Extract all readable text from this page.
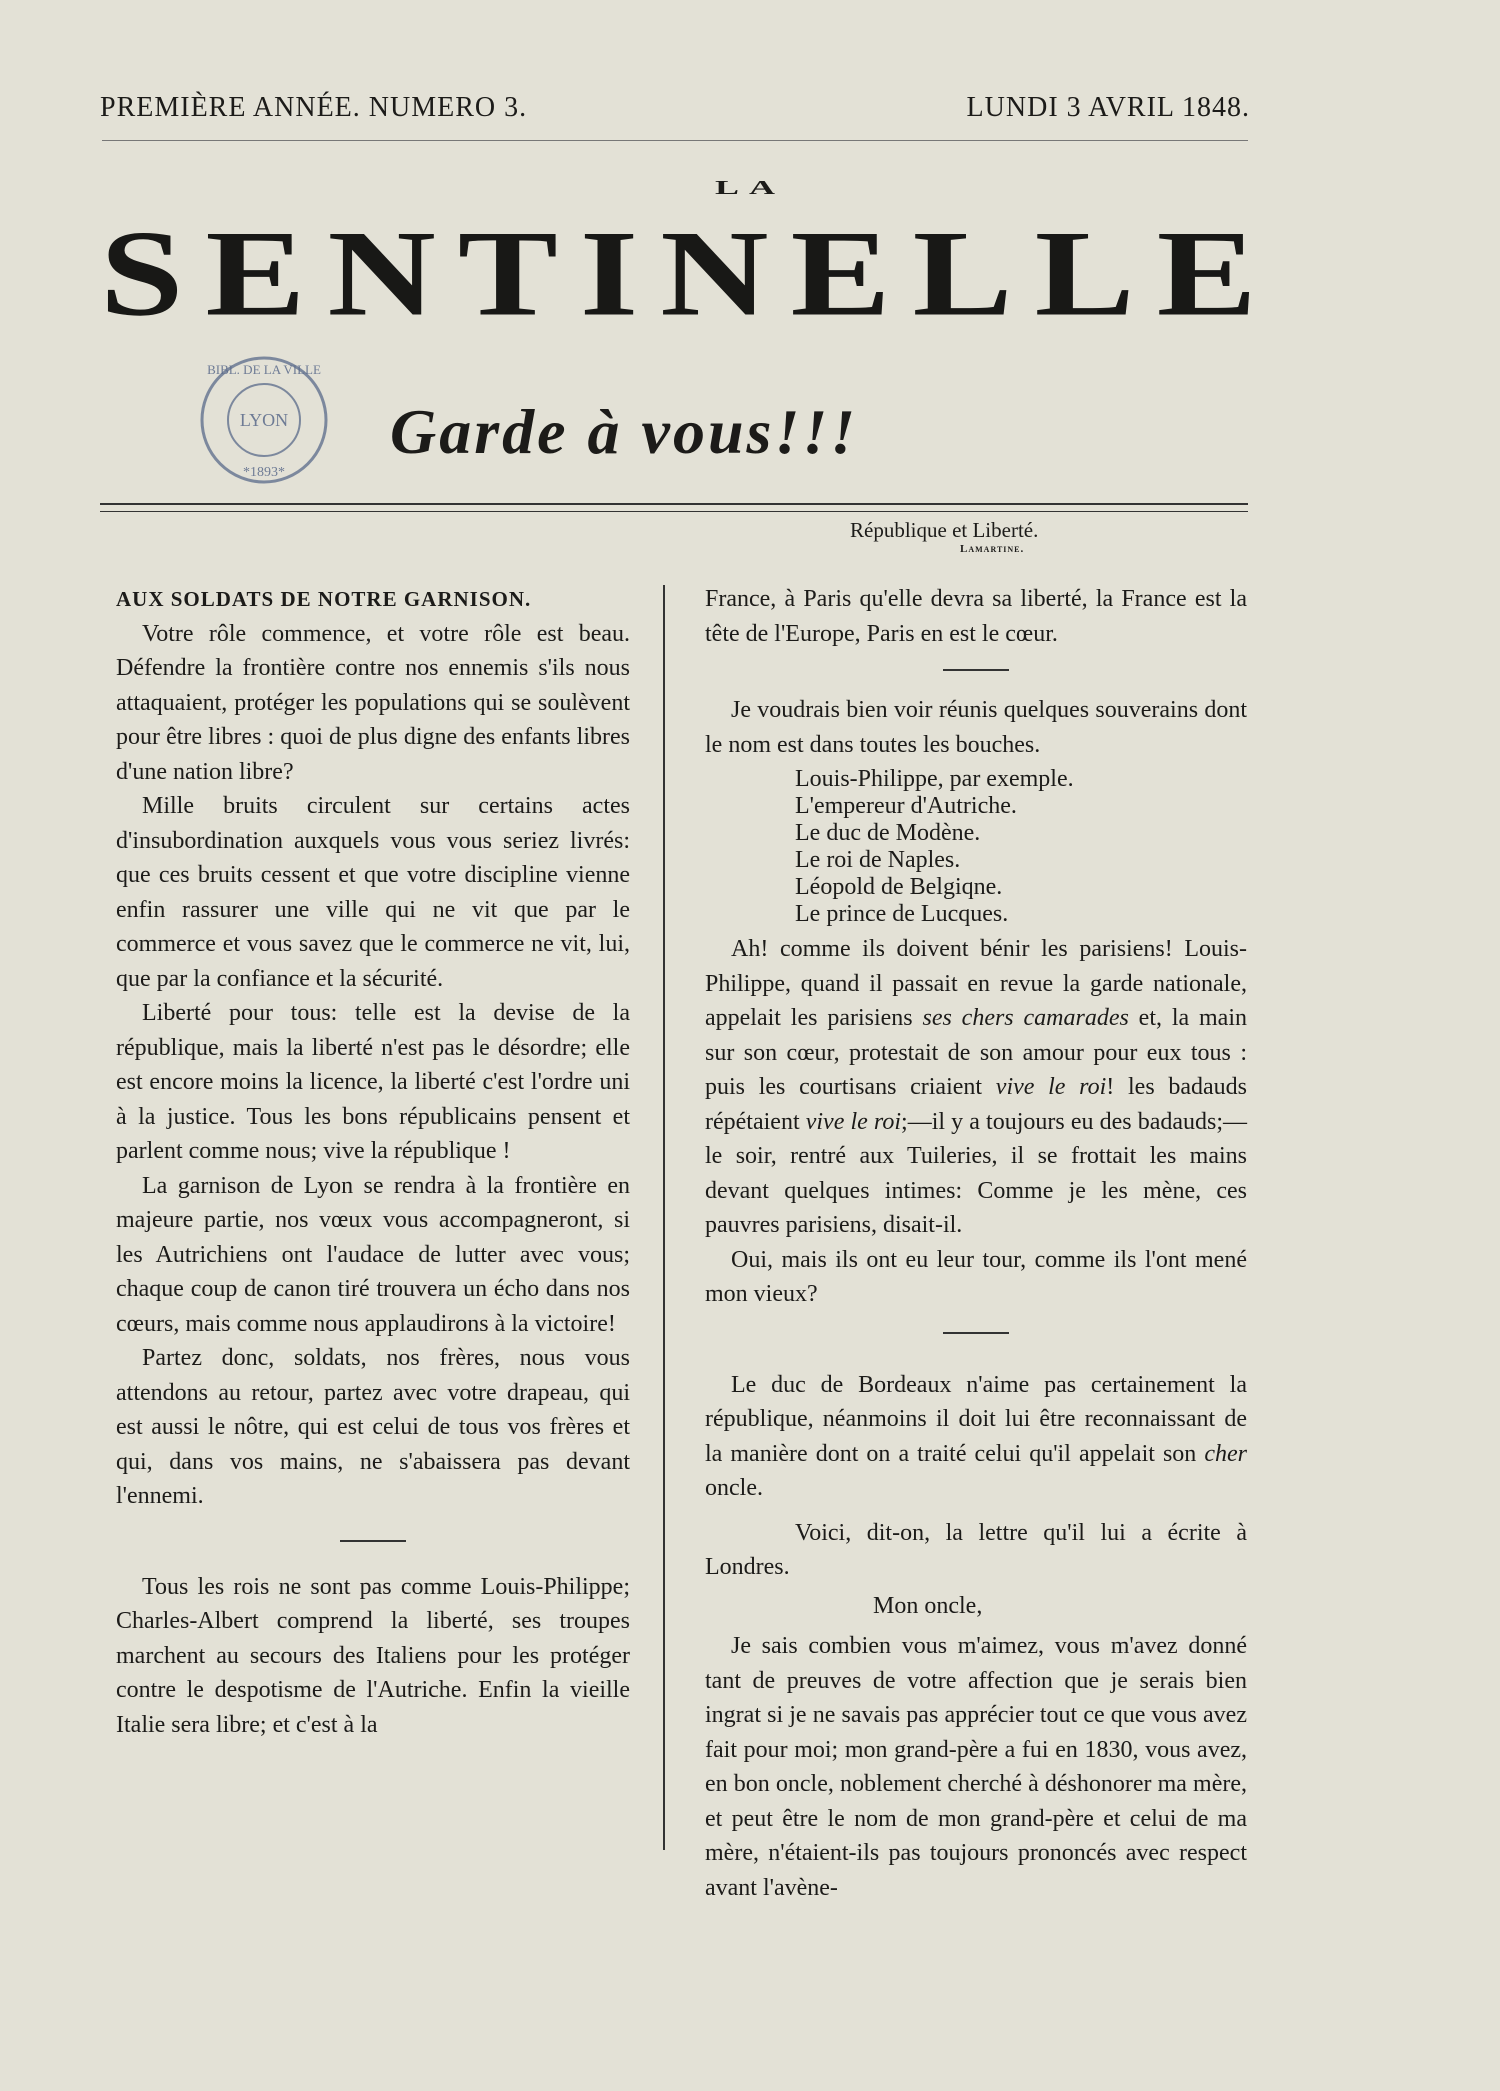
PREMIÈRE ANNÉE. NUMERO 3.	LUNDI 3 AVRIL 1848.
LA
SENTINELLE
LYON
*1893*
BIBL. DE LA VILLE
Garde à vous!!!
République et Liberté.
Lamartine.

AUX SOLDATS DE NOTRE GARNISON.

Votre rôle commence, et votre rôle est beau. Défendre la frontière contre nos ennemis s'ils nous attaquaient, protéger les populations qui se soulèvent pour être libres : quoi de plus digne des enfants libres d'une nation libre?

Mille bruits circulent sur certains actes d'insubordination auxquels vous vous seriez livrés: que ces bruits cessent et que votre discipline vienne enfin rassurer une ville qui ne vit que par le commerce et vous savez que le commerce ne vit, lui, que par la confiance et la sécurité.

Liberté pour tous: telle est la devise de la république, mais la liberté n'est pas le désordre; elle est encore moins la licence, la liberté c'est l'ordre uni à la justice. Tous les bons républicains pensent et parlent comme nous; vive la république !

La garnison de Lyon se rendra à la frontière en majeure partie, nos vœux vous accompagneront, si les Autrichiens ont l'audace de lutter avec vous; chaque coup de canon tiré trouvera un écho dans nos cœurs, mais comme nous applaudirons à la victoire!

Partez donc, soldats, nos frères, nous vous attendons au retour, partez avec votre drapeau, qui est aussi le nôtre, qui est celui de tous vos frères et qui, dans vos mains, ne s'abaissera pas devant l'ennemi.

Tous les rois ne sont pas comme Louis-Philippe; Charles-Albert comprend la liberté, ses troupes marchent au secours des Italiens pour les protéger contre le despotisme de l'Autriche. Enfin la vieille Italie sera libre; et c'est à la

France, à Paris qu'elle devra sa liberté, la France est la tête de l'Europe, Paris en est le cœur.

Je voudrais bien voir réunis quelques souverains dont le nom est dans toutes les bouches.

Louis-Philippe, par exemple.
L'empereur d'Autriche.
Le duc de Modène.
Le roi de Naples.
Léopold de Belgiqne.
Le prince de Lucques.

Ah! comme ils doivent bénir les parisiens! Louis-Philippe, quand il passait en revue la garde nationale, appelait les parisiens ses chers camarades et, la main sur son cœur, protestait de son amour pour eux tous : puis les courtisans criaient vive le roi! les badauds répétaient vive le roi;—il y a toujours eu des badauds;—le soir, rentré aux Tuileries, il se frottait les mains devant quelques intimes: Comme je les mène, ces pauvres parisiens, disait-il.

Oui, mais ils ont eu leur tour, comme ils l'ont mené mon vieux?

Le duc de Bordeaux n'aime pas certainement la république, néanmoins il doit lui être reconnaissant de la manière dont on a traité celui qu'il appelait son cher oncle.

Voici, dit-on, la lettre qu'il lui a écrite à Londres.

Mon oncle,

Je sais combien vous m'aimez, vous m'avez donné tant de preuves de votre affection que je serais bien ingrat si je ne savais pas apprécier tout ce que vous avez fait pour moi; mon grand-père a fui en 1830, vous avez, en bon oncle, noblement cherché à déshonorer ma mère, et peut être le nom de mon grand-père et celui de ma mère, n'étaient-ils pas toujours prononcés avec respect avant l'avène-
